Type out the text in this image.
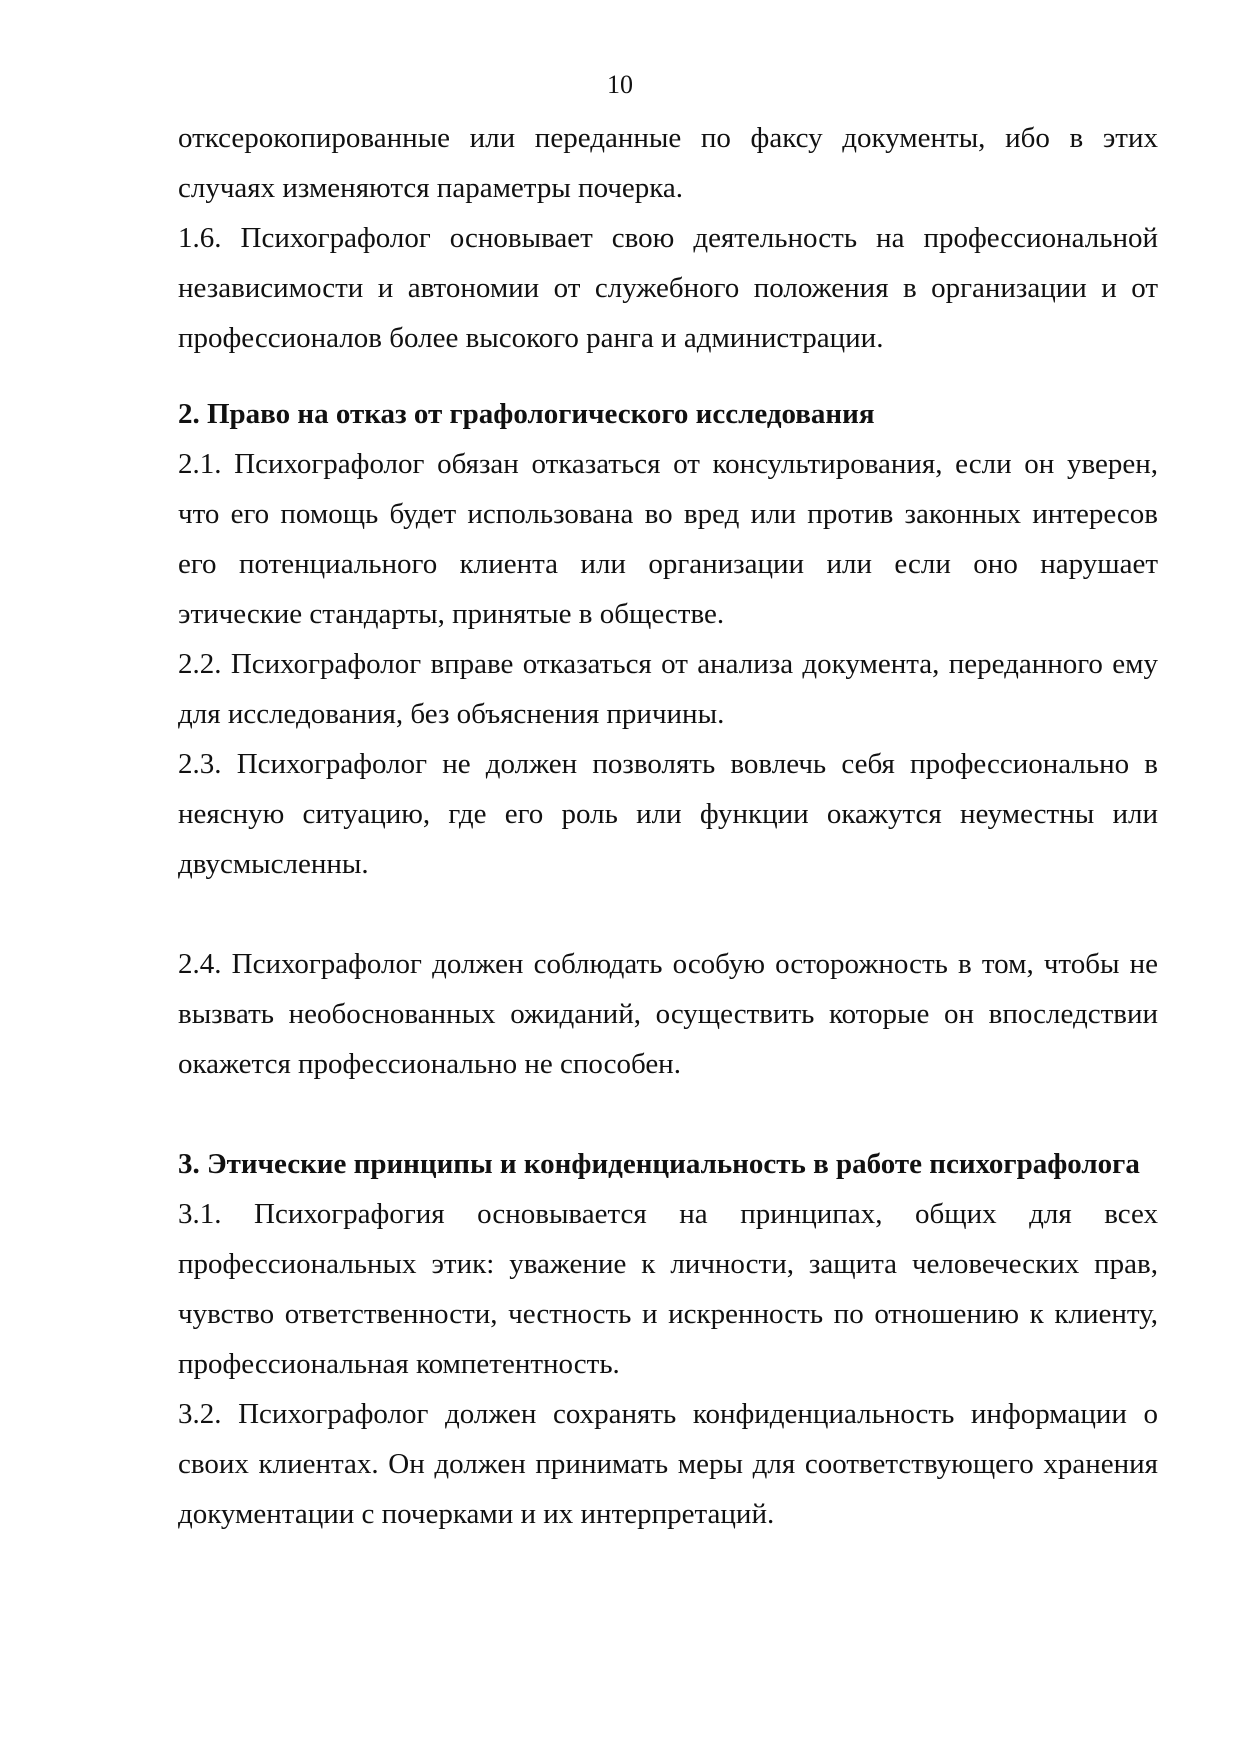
10

отксерокопированные или переданные по факсу документы, ибо в этих случаях изменяются параметры почерка.

1.6. Психографолог основывает свою деятельность на профессиональной независимости и автономии от служебного положения в организации и от профессионалов более высокого ранга и администрации.

2. Право на отказ от графологического исследования

2.1. Психографолог обязан отказаться от консультирования, если он уверен, что его помощь будет использована во вред или против законных интересов его потенциального клиента или организации или если оно нарушает этические стандарты, принятые в обществе.

2.2. Психографолог вправе отказаться от анализа документа, переданного ему для исследования, без объяснения причины.

2.3. Психографолог не должен позволять вовлечь себя профессионально в неясную ситуацию, где его роль или функции окажутся неуместны или двусмысленны.

2.4. Психографолог должен соблюдать особую осторожность в том, чтобы не вызвать необоснованных ожиданий, осуществить которые он впоследствии окажется профессионально не способен.

3. Этические принципы и конфиденциальность в работе психографолога

3.1. Психографогия основывается на принципах, общих для всех профессиональных этик: уважение к личности, защита человеческих прав, чувство ответственности, честность и искренность по отношению к клиенту, профессиональная компетентность.

3.2. Психографолог должен сохранять конфиденциальность информации о своих клиентах. Он должен принимать меры для соответствующего хранения документации с почерками и их интерпретаций.
